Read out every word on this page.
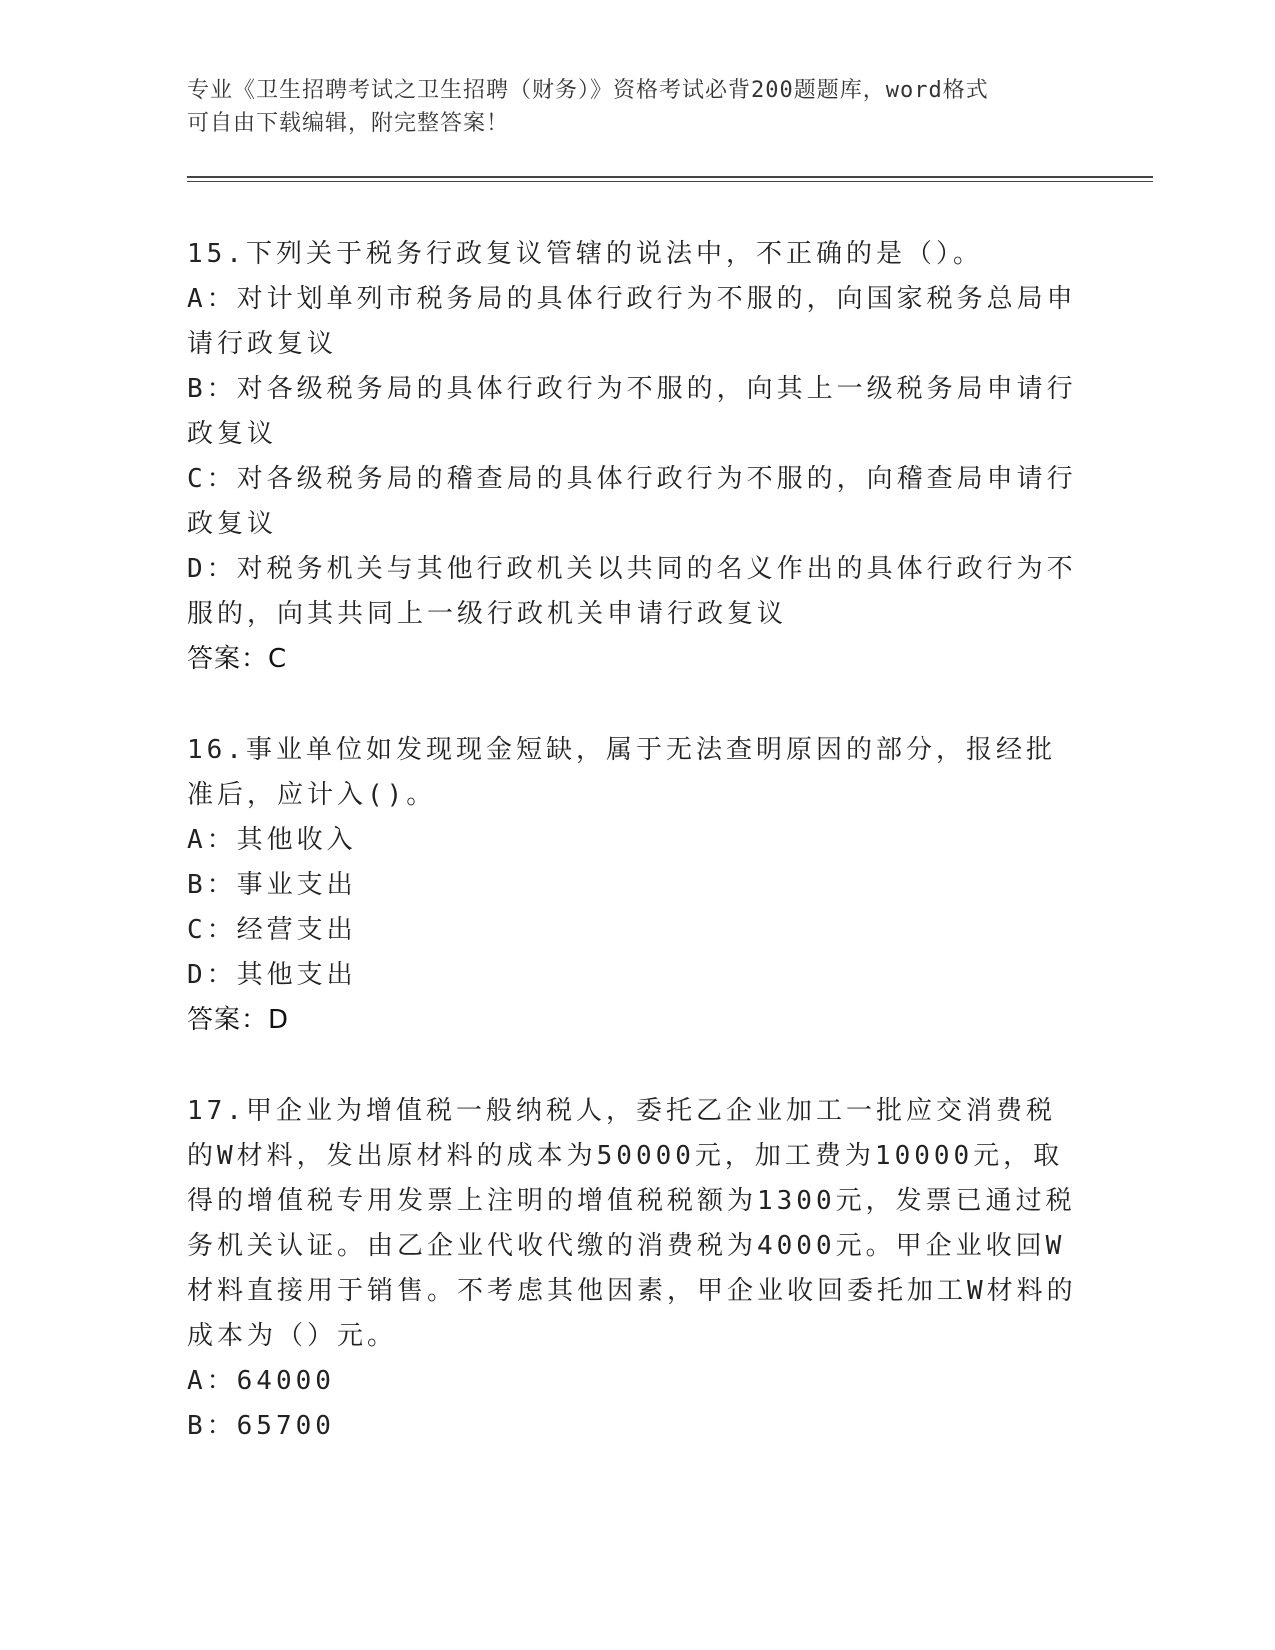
专业《卫生招聘考试之卫生招聘（财务）》资格考试必背200题题库，word格式
可自由下载编辑，附完整答案！

15.下列关于税务行政复议管辖的说法中，不正确的是（）。

A：对计划单列市税务局的具体行政行为不服的，向国家税务总局申请行政复议

B：对各级税务局的具体行政行为不服的，向其上一级税务局申请行政复议

C：对各级税务局的稽查局的具体行政行为不服的，向稽查局申请行政复议

D：对税务机关与其他行政机关以共同的名义作出的具体行政行为不服的，向其共同上一级行政机关申请行政复议

答案：C

16.事业单位如发现现金短缺，属于无法查明原因的部分，报经批准后，应计入()。

A：其他收入

B：事业支出

C：经营支出

D：其他支出

答案：D

17.甲企业为增值税一般纳税人，委托乙企业加工一批应交消费税的W材料，发出原材料的成本为50000元，加工费为10000元，取得的增值税专用发票上注明的增值税税额为1300元，发票已通过税务机关认证。由乙企业代收代缴的消费税为4000元。甲企业收回W材料直接用于销售。不考虑其他因素，甲企业收回委托加工W材料的成本为（）元。

A：64000

B：65700
